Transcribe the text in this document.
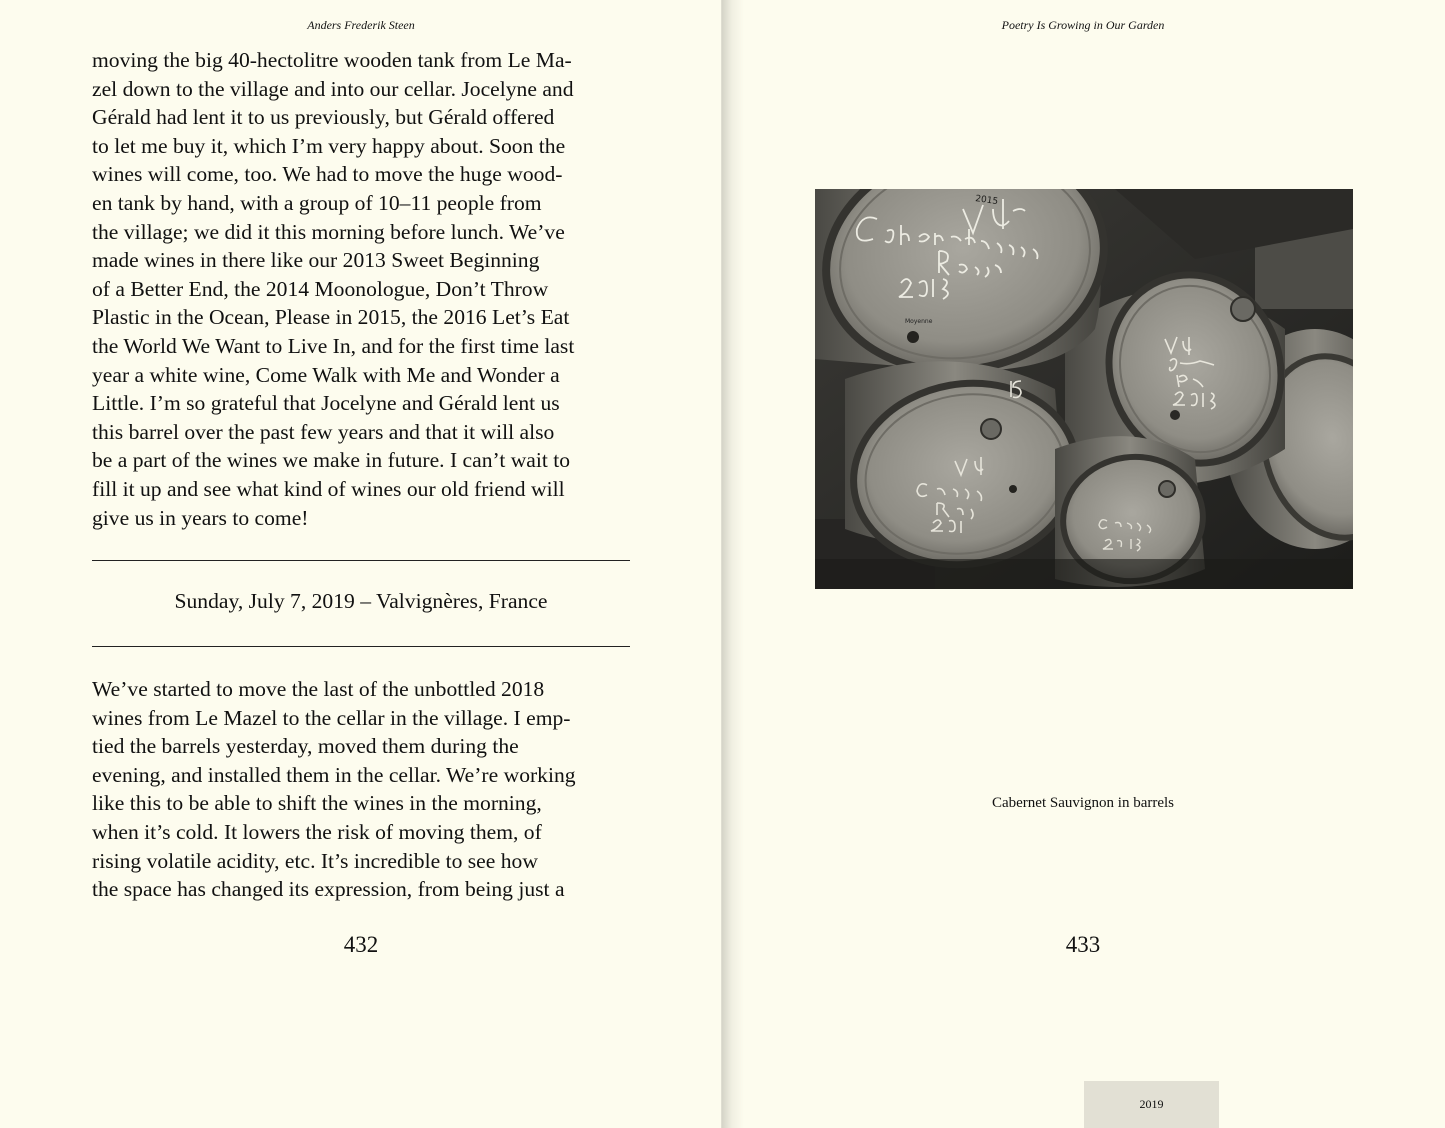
Anders Frederik Steen
moving the big 40-hectolitre wooden tank from Le Ma-
zel down to the village and into our cellar. Jocelyne and
Gérald had lent it to us previously, but Gérald offered
to let me buy it, which I’m very happy about. Soon the
wines will come, too. We had to move the huge wood-
en tank by hand, with a group of 10–11 people from
the village; we did it this morning before lunch. We’ve
made wines in there like our 2013 Sweet Beginning
of a Better End, the 2014 Moonologue, Don’t Throw
Plastic in the Ocean, Please in 2015, the 2016 Let’s Eat
the World We Want to Live In, and for the first time last
year a white wine, Come Walk with Me and Wonder a
Little. I’m so grateful that Jocelyne and Gérald lent us
this barrel over the past few years and that it will also
be a part of the wines we make in future. I can’t wait to
fill it up and see what kind of wines our old friend will
give us in years to come!
Sunday, July 7, 2019 – Valvignères, France
We’ve started to move the last of the unbottled 2018
wines from Le Mazel to the cellar in the village. I emp-
tied the barrels yesterday, moved them during the
evening, and installed them in the cellar. We’re working
like this to be able to shift the wines in the morning,
when it’s cold. It lowers the risk of moving them, of
rising volatile acidity, etc. It’s incredible to see how
the space has changed its expression, from being just a
432
Poetry Is Growing in Our Garden
2015
Moyenne
Cabernet Sauvignon in barrels
433
2019
